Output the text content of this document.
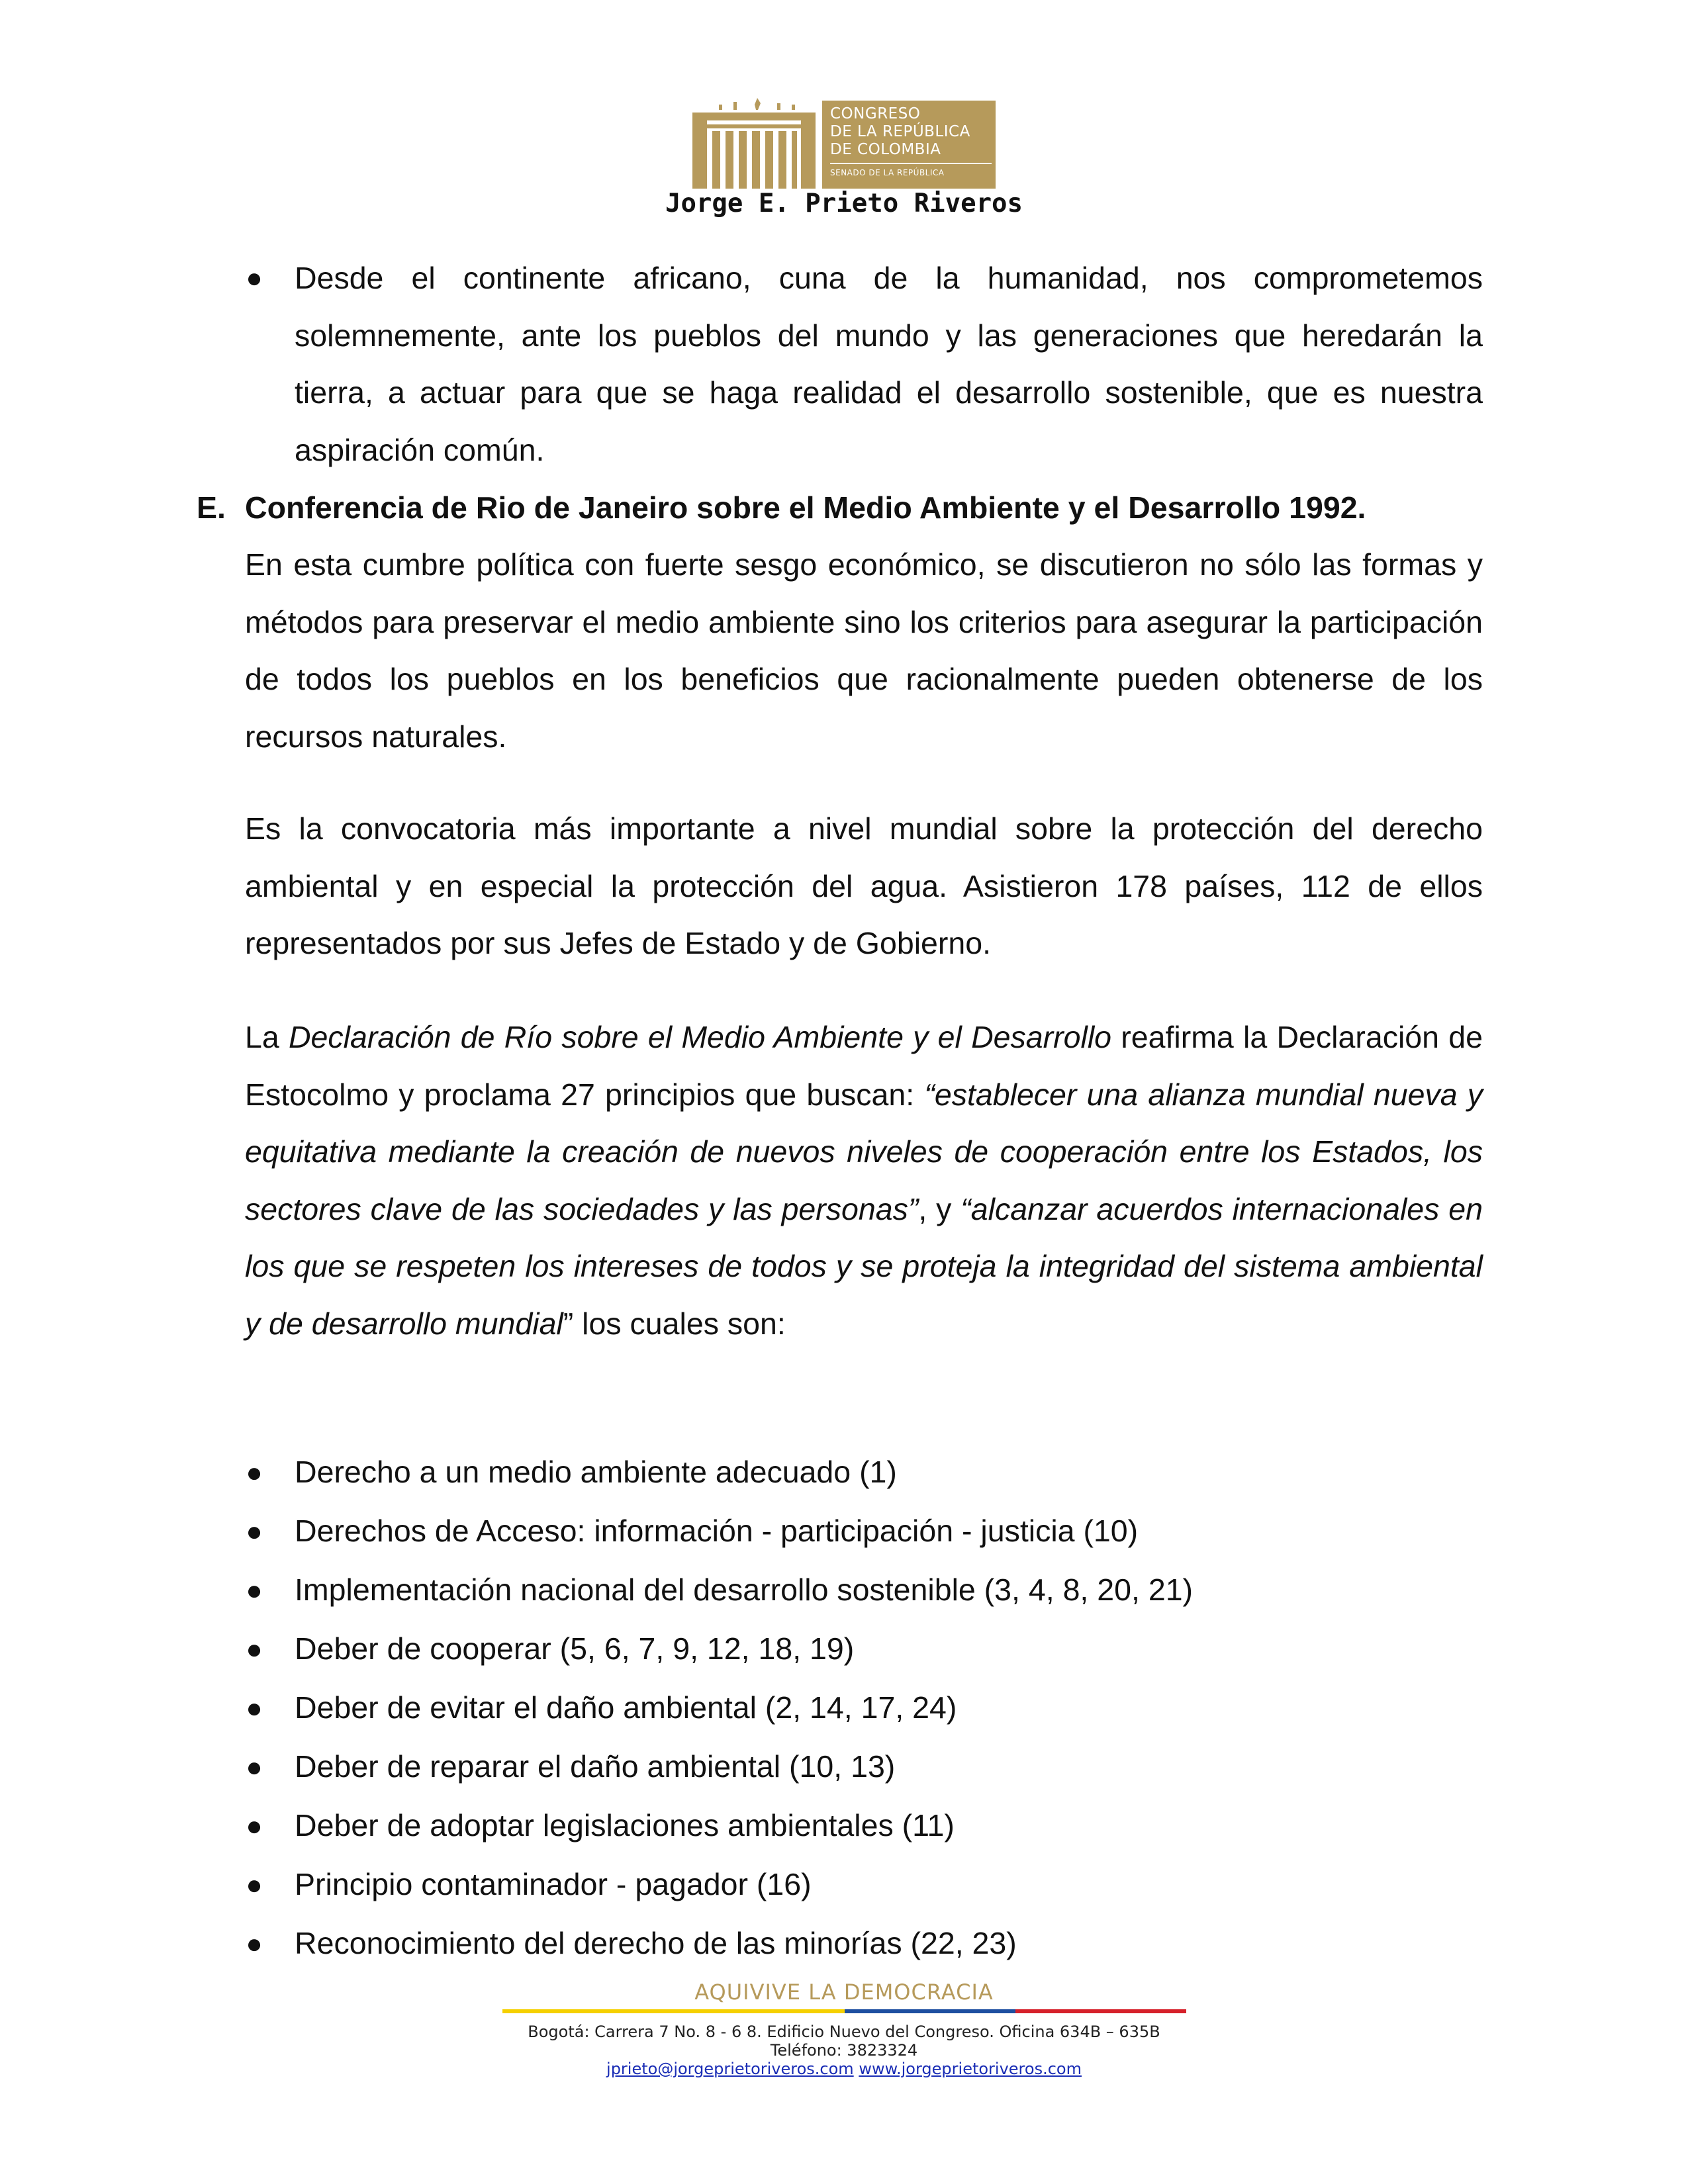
CONGRESO
DE LA REPÚBLICA
DE COLOMBIA
SENADO DE LA REPÚBLICA
Jorge E. Prieto Riveros
● Desde el continente africano, cuna de la humanidad, nos comprometemos solemnemente, ante los pueblos del mundo y las generaciones que heredarán la tierra, a actuar para que se haga realidad el desarrollo sostenible, que es nuestra aspiración común.

E. Conferencia de Rio de Janeiro sobre el Medio Ambiente y el Desarrollo 1992.

En esta cumbre política con fuerte sesgo económico, se discutieron no sólo las formas y métodos para preservar el medio ambiente sino los criterios para asegurar la participación de todos los pueblos en los beneficios que racionalmente pueden obtenerse de los recursos naturales.

Es la convocatoria más importante a nivel mundial sobre la protección del derecho ambiental y en especial la protección del agua. Asistieron 178 países, 112 de ellos representados por sus Jefes de Estado y de Gobierno.

La Declaración de Río sobre el Medio Ambiente y el Desarrollo reafirma la Declaración de Estocolmo y proclama 27 principios que buscan: “establecer una alianza mundial nueva y equitativa mediante la creación de nuevos niveles de cooperación entre los Estados, los sectores clave de las sociedades y las personas”, y “alcanzar acuerdos internacionales en los que se respeten los intereses de todos y se proteja la integridad del sistema ambiental y de desarrollo mundial” los cuales son:

● Derecho a un medio ambiente adecuado (1)
● Derechos de Acceso: información - participación - justicia (10)
● Implementación nacional del desarrollo sostenible (3, 4, 8, 20, 21)
● Deber de cooperar (5, 6, 7, 9, 12, 18, 19)
● Deber de evitar el daño ambiental (2, 14, 17, 24)
● Deber de reparar el daño ambiental (10, 13)
● Deber de adoptar legislaciones ambientales (11)
● Principio contaminador - pagador (16)
● Reconocimiento del derecho de las minorías (22, 23)
AQUIVIVE LA DEMOCRACIA
Bogotá: Carrera 7 No. 8 - 6 8. Edificio Nuevo del Congreso. Oficina 634B – 635B
Teléfono: 3823324
jprieto@jorgeprietoriveros.com www.jorgeprietoriveros.com
